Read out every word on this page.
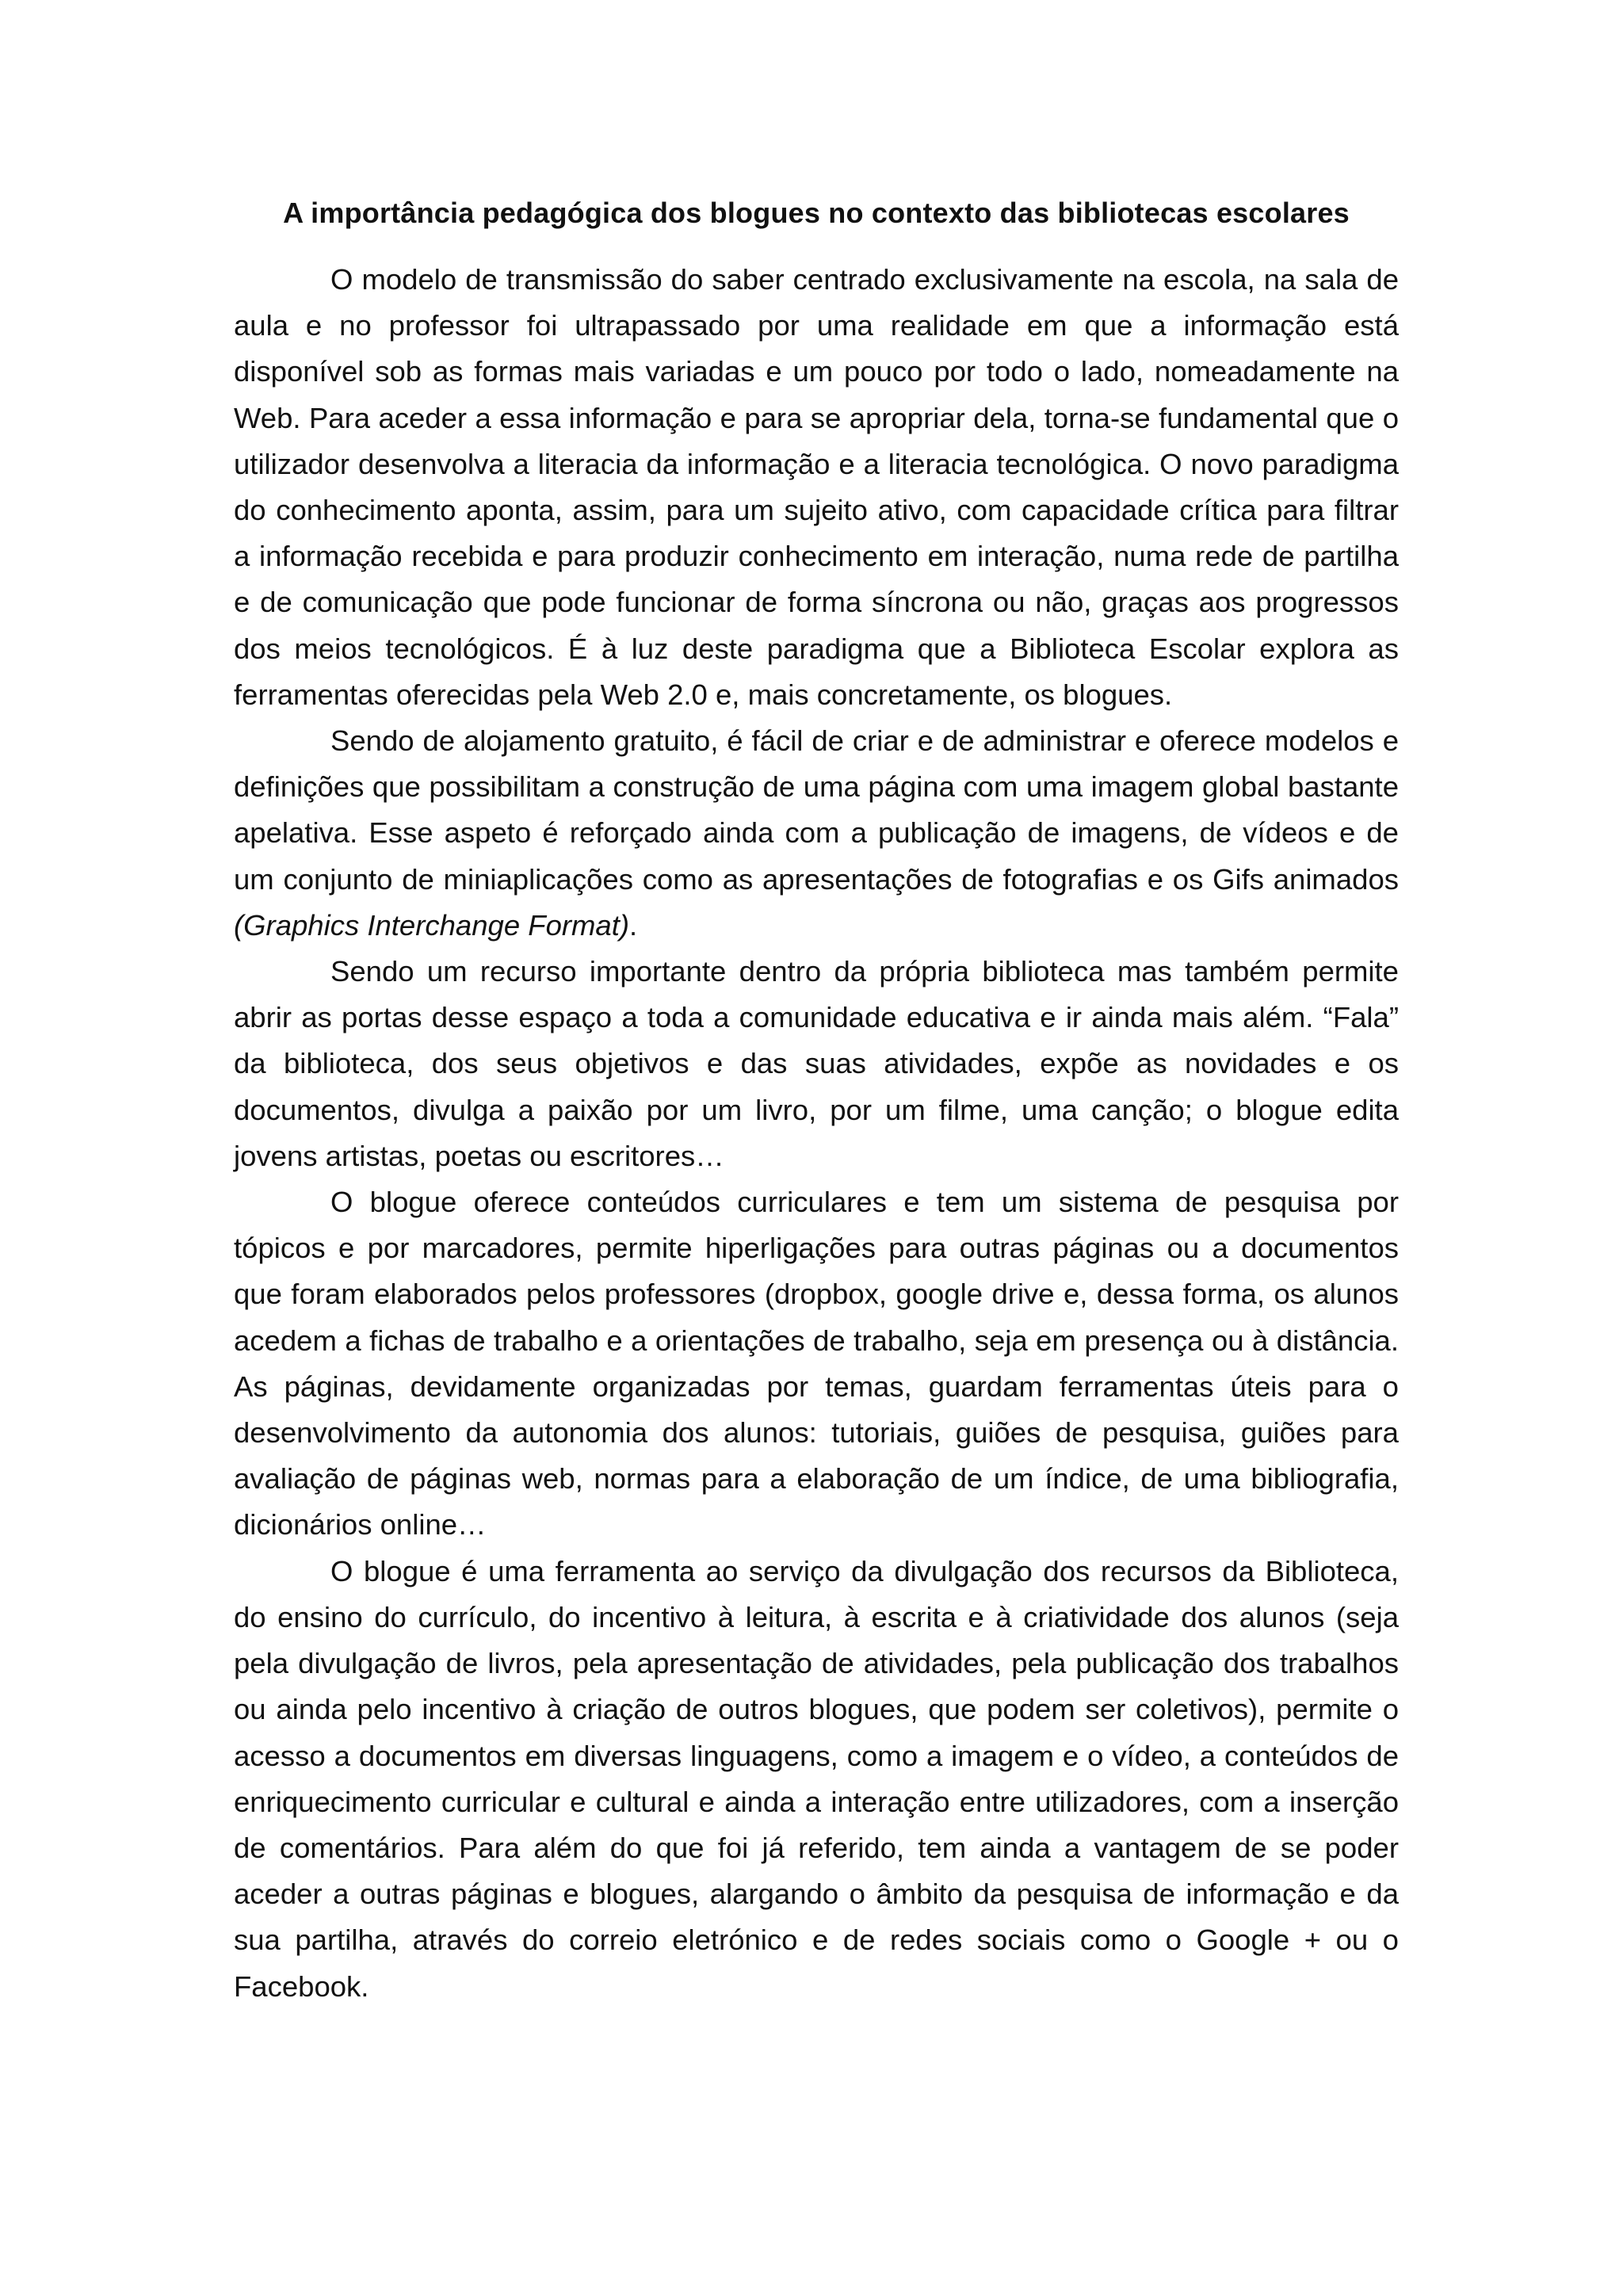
A importância pedagógica dos blogues no contexto das bibliotecas escolares

O modelo de transmissão do saber centrado exclusivamente na escola, na sala de aula e no professor foi ultrapassado por uma realidade em que a informação está disponível sob as formas mais variadas e um pouco por todo o lado, nomeadamente na Web. Para aceder a essa informação e para se apropriar dela, torna-se fundamental que o utilizador desenvolva a literacia da informação e a literacia tecnológica. O novo paradigma do conhecimento aponta, assim, para um sujeito ativo, com capacidade crítica para filtrar a informação recebida e para produzir conhecimento em interação, numa rede de partilha e de comunicação que pode funcionar de forma síncrona ou não, graças aos progressos dos meios tecnológicos. É à luz deste paradigma que a Biblioteca Escolar explora as ferramentas oferecidas pela Web 2.0 e, mais concretamente, os blogues.

Sendo de alojamento gratuito, é fácil de criar e de administrar e oferece modelos e definições que possibilitam a construção de uma página com uma imagem global bastante apelativa. Esse aspeto é reforçado ainda com a publicação de imagens, de vídeos e de um conjunto de miniaplicações como as apresentações de fotografias e os Gifs animados (Graphics Interchange Format).

Sendo um recurso importante dentro da própria biblioteca mas também permite abrir as portas desse espaço a toda a comunidade educativa e ir ainda mais além. “Fala” da biblioteca, dos seus objetivos e das suas atividades, expõe as novidades e os documentos, divulga a paixão por um livro, por um filme, uma canção; o blogue edita jovens artistas, poetas ou escritores…

O blogue oferece conteúdos curriculares e tem um sistema de pesquisa por tópicos e por marcadores, permite hiperligações para outras páginas ou a documentos que foram elaborados pelos professores (dropbox, google drive e, dessa forma, os alunos acedem a fichas de trabalho e a orientações de trabalho, seja em presença ou à distância. As páginas, devidamente organizadas por temas, guardam ferramentas úteis para o desenvolvimento da autonomia dos alunos: tutoriais, guiões de pesquisa, guiões para avaliação de páginas web, normas para a elaboração de um índice, de uma bibliografia, dicionários online…

O blogue é uma ferramenta ao serviço da divulgação dos recursos da Biblioteca, do ensino do currículo, do incentivo à leitura, à escrita e à criatividade dos alunos (seja pela divulgação de livros, pela apresentação de atividades, pela publicação dos trabalhos ou ainda pelo incentivo à criação de outros blogues, que podem ser coletivos), permite o acesso a documentos em diversas linguagens, como a imagem e o vídeo, a conteúdos de enriquecimento curricular e cultural e ainda a interação entre utilizadores, com a inserção de comentários. Para além do que foi já referido, tem ainda a vantagem de se poder aceder a outras páginas e blogues, alargando o âmbito da pesquisa de informação e da sua partilha, através do correio eletrónico e de redes sociais como o Google + ou o Facebook.
